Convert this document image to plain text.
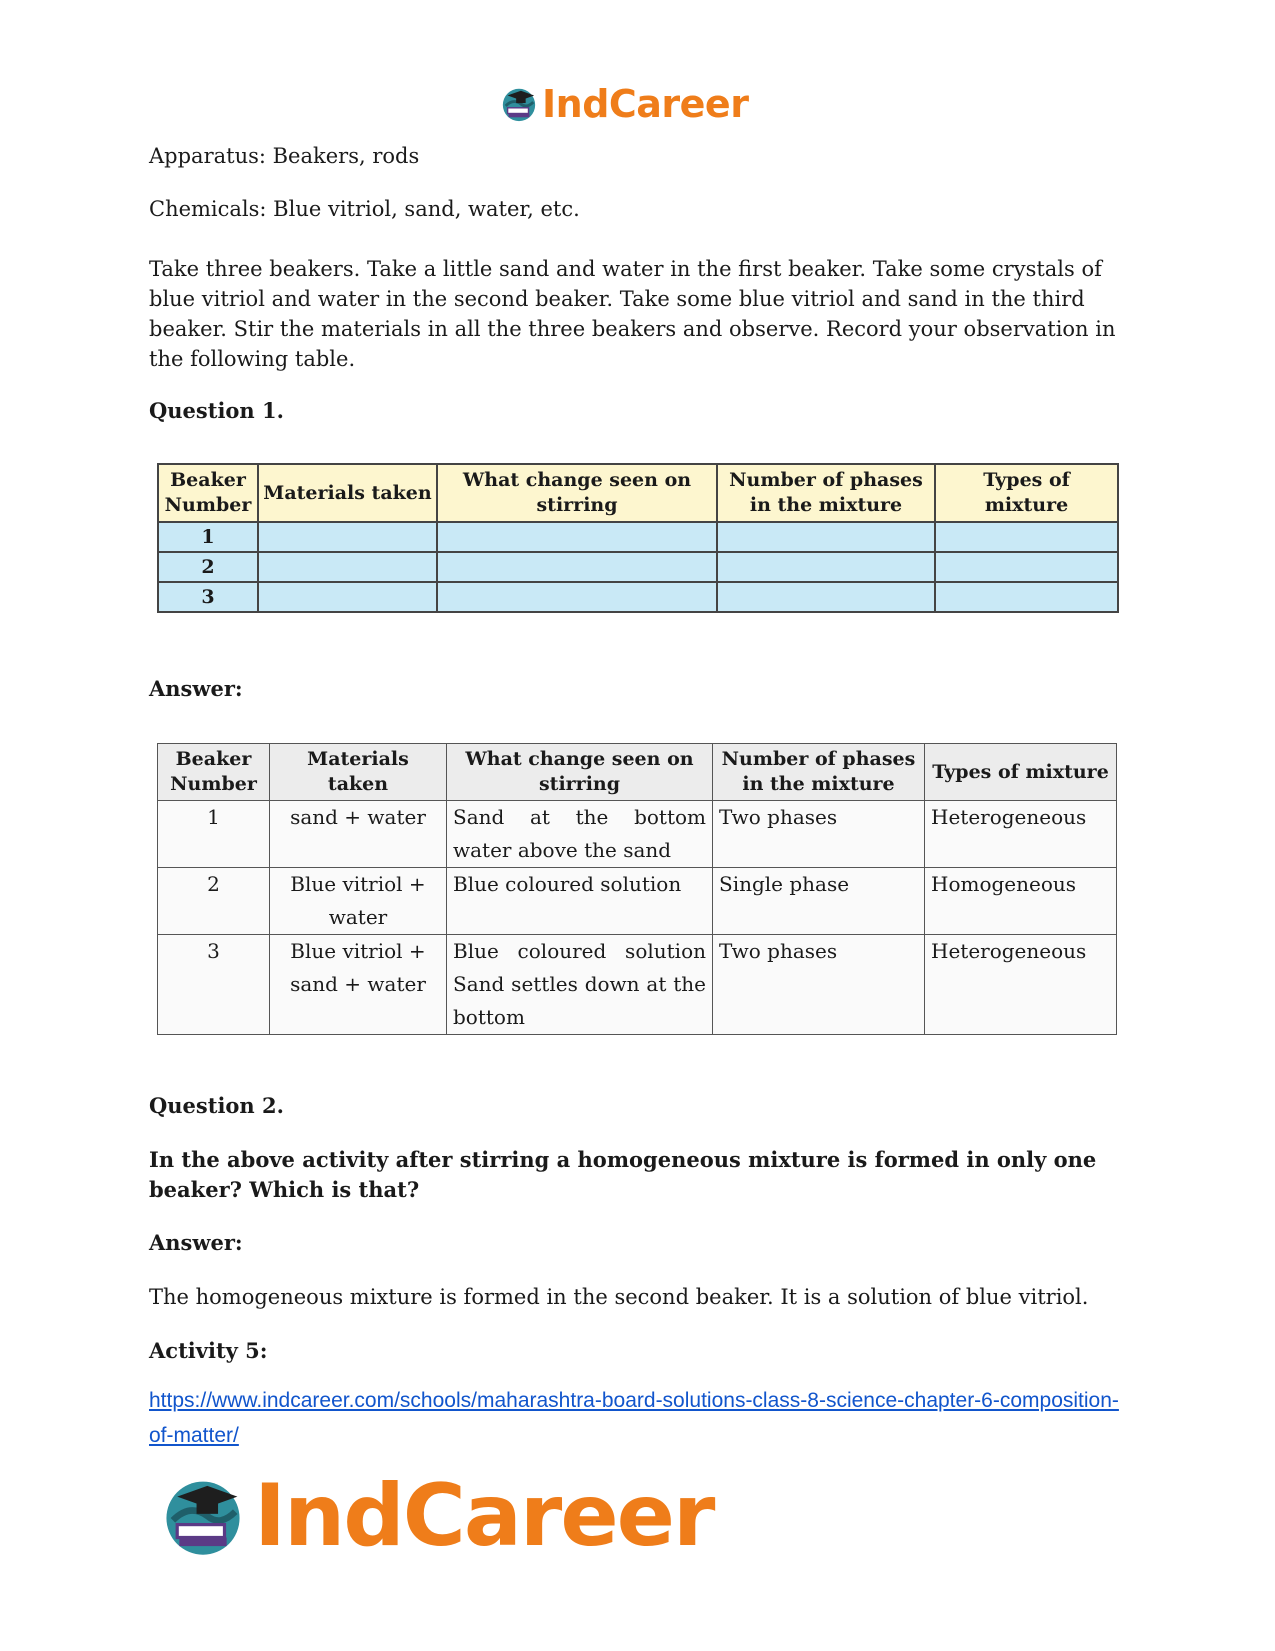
IndCareer

Apparatus: Beakers, rods

Chemicals: Blue vitriol, sand, water, etc.

Take three beakers. Take a little sand and water in the first beaker. Take some crystals of blue vitriol and water in the second beaker. Take some blue vitriol and sand in the third beaker. Stir the materials in all the three beakers and observe. Record your observation in the following table.

Question 1.

Beaker Number	Materials taken	What change seen on stirring	Number of phases in the mixture	Types of mixture
1				
2				
3				

Answer:

Beaker Number	Materials taken	What change seen on stirring	Number of phases in the mixture	Types of mixture
1	sand + water	Sand at the bottom water above the sand	Two phases	Heterogeneous
2	Blue vitriol + water	Blue coloured solution	Single phase	Homogeneous
3	Blue vitriol + sand + water	Blue coloured solution Sand settles down at the bottom	Two phases	Heterogeneous

Question 2.

In the above activity after stirring a homogeneous mixture is formed in only one beaker? Which is that?

Answer:

The homogeneous mixture is formed in the second beaker. It is a solution of blue vitriol.

Activity 5:

https://www.indcareer.com/schools/maharashtra-board-solutions-class-8-science-chapter-6-composition-of-matter/
IndCareer
